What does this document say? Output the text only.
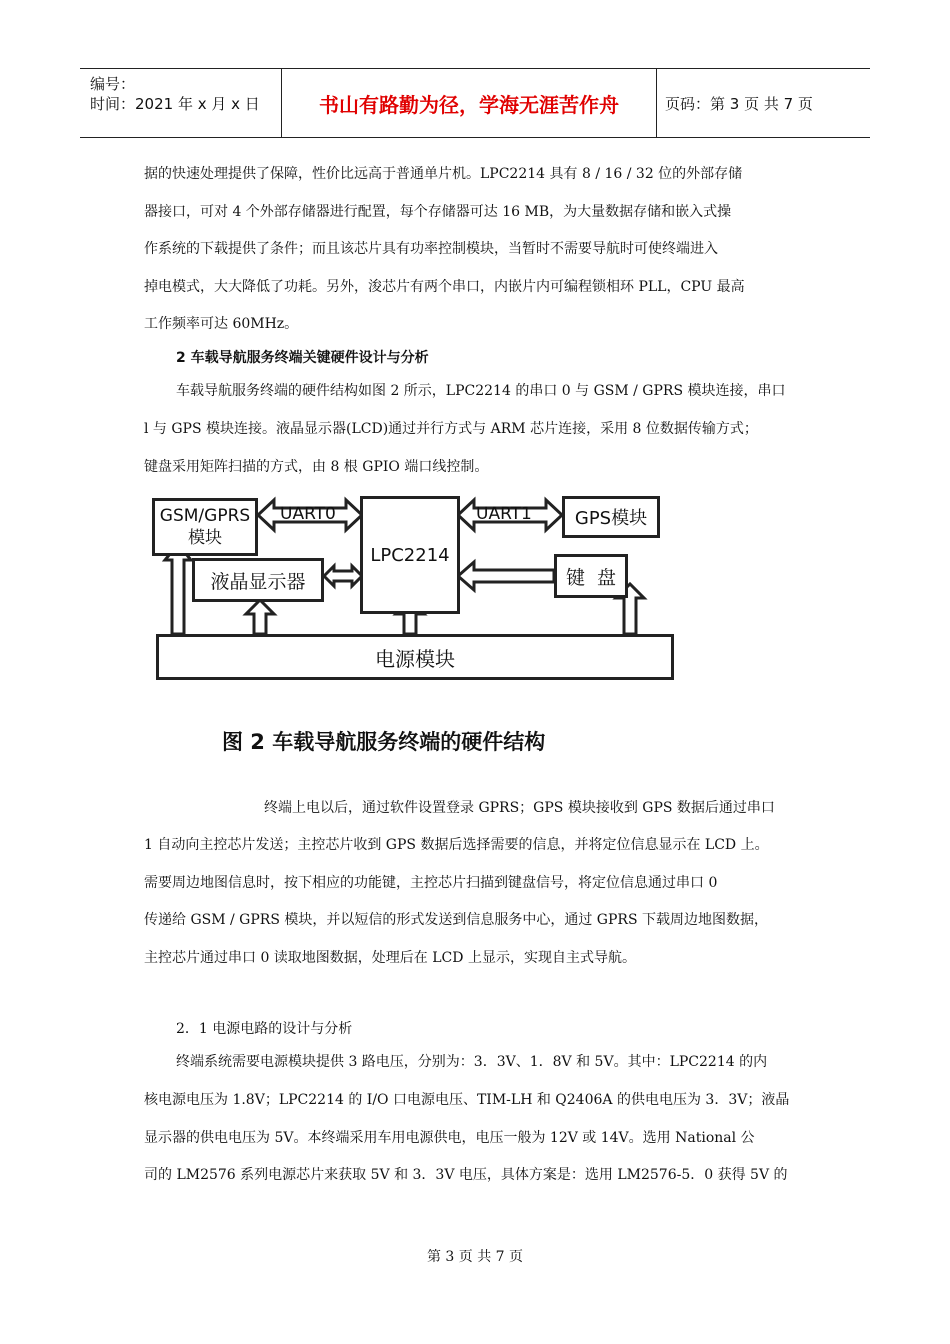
编号：
时间：2021 年 x 月 x 日	书山有路勤为径，学海无涯苦作舟	页码：第 3 页 共 7 页
据的快速处理提供了保障，性价比远高于普通单片机。LPC2214 具有 8 / 16 / 32 位的外部存储
器接口，可对 4 个外部存储器进行配置，每个存储器可达 16 MB，为大量数据存储和嵌入式操
作系统的下载提供了条件；而且该芯片具有功率控制模块，当暂时不需要导航时可使终端进入
掉电模式，大大降低了功耗。另外，浚芯片有两个串口，内嵌片内可编程锁相环 PLL，CPU 最高
工作频率可达 60MHz。
2 车载导航服务终端关键硬件设计与分析
车载导航服务终端的硬件结构如图 2 所示，LPC2214 的串口 0 与 GSM / GPRS 模块连接，串口
l 与 GPS 模块连接。液晶显示器(LCD)通过并行方式与 ARM 芯片连接，采用 8 位数据传输方式；
键盘采用矩阵扫描的方式，由 8 根 GPIO 端口线控制。
GSM/GPRS
模块
UART0
LPC2214
UART1	GPS模块
液晶显示器	键  盘
电源模块
图 2 车载导航服务终端的硬件结构
终端上电以后，通过软件设置登录 GPRS；GPS 模块接收到 GPS 数据后通过串口
1 自动向主控芯片发送；主控芯片收到 GPS 数据后选择需要的信息，并将定位信息显示在 LCD 上。
需要周边地图信息时，按下相应的功能键，主控芯片扫描到键盘信号，将定位信息通过串口 0
传递给 GSM / GPRS 模块，并以短信的形式发送到信息服务中心，通过 GPRS 下载周边地图数据，
主控芯片通过串口 0 读取地图数据，处理后在 LCD 上显示，实现自主式导航。
2．1 电源电路的设计与分析
终端系统需要电源模块提供 3 路电压，分别为：3．3V、1．8V 和 5V。其中：LPC2214 的内
核电源电压为 1.8V；LPC2214 的 I/O 口电源电压、TIM-LH 和 Q2406A 的供电电压为 3．3V；液晶
显示器的供电电压为 5V。本终端采用车用电源供电，电压一般为 12V 或 14V。选用 National 公
司的 LM2576 系列电源芯片来获取 5V 和 3．3V 电压，具体方案是：选用 LM2576-5．0 获得 5V 的
第 3 页 共 7 页
